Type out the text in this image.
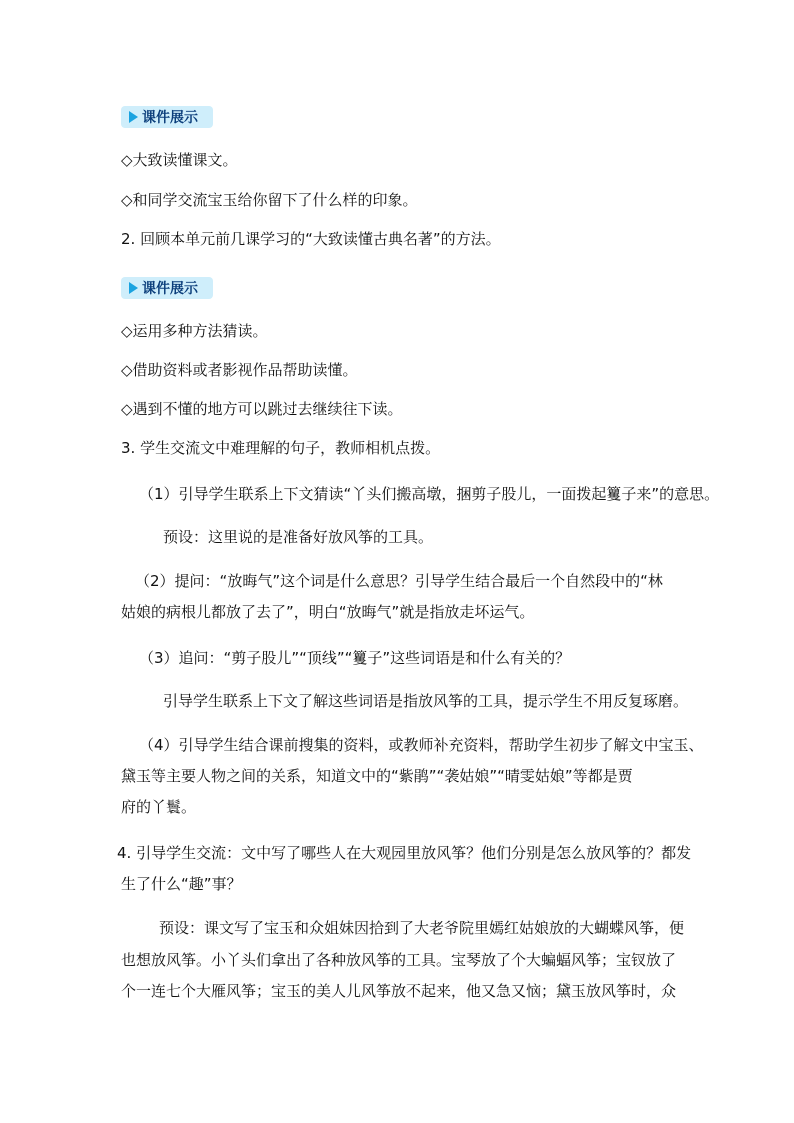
课件展示
◇大致读懂课文。
◇和同学交流宝玉给你留下了什么样的印象。
2. 回顾本单元前几课学习的“大致读懂古典名著”的方法。
课件展示
◇运用多种方法猜读。
◇借助资料或者影视作品帮助读懂。
◇遇到不懂的地方可以跳过去继续往下读。
3. 学生交流文中难理解的句子，教师相机点拨。
（1）引导学生联系上下文猜读“丫头们搬高墩，捆剪子股儿，一面拨起籰子来”的意思。
预设：这里说的是准备好放风筝的工具。
（2）提问：“放晦气”这个词是什么意思？引导学生结合最后一个自然段中的“林
姑娘的病根儿都放了去了”，明白“放晦气”就是指放走坏运气。
（3）追问：“剪子股儿”“顶线”“籰子”这些词语是和什么有关的？
引导学生联系上下文了解这些词语是指放风筝的工具，提示学生不用反复琢磨。
（4）引导学生结合课前搜集的资料，或教师补充资料，帮助学生初步了解文中宝玉、
黛玉等主要人物之间的关系，知道文中的“紫鹃”“袭姑娘”“晴雯姑娘”等都是贾
府的丫鬟。
4. 引导学生交流：文中写了哪些人在大观园里放风筝？他们分别是怎么放风筝的？都发
生了什么“趣”事？
预设：课文写了宝玉和众姐妹因拾到了大老爷院里嫣红姑娘放的大蝴蝶风筝，便
也想放风筝。小丫头们拿出了各种放风筝的工具。宝琴放了个大蝙蝠风筝；宝钗放了
个一连七个大雁风筝；宝玉的美人儿风筝放不起来，他又急又恼；黛玉放风筝时，众
